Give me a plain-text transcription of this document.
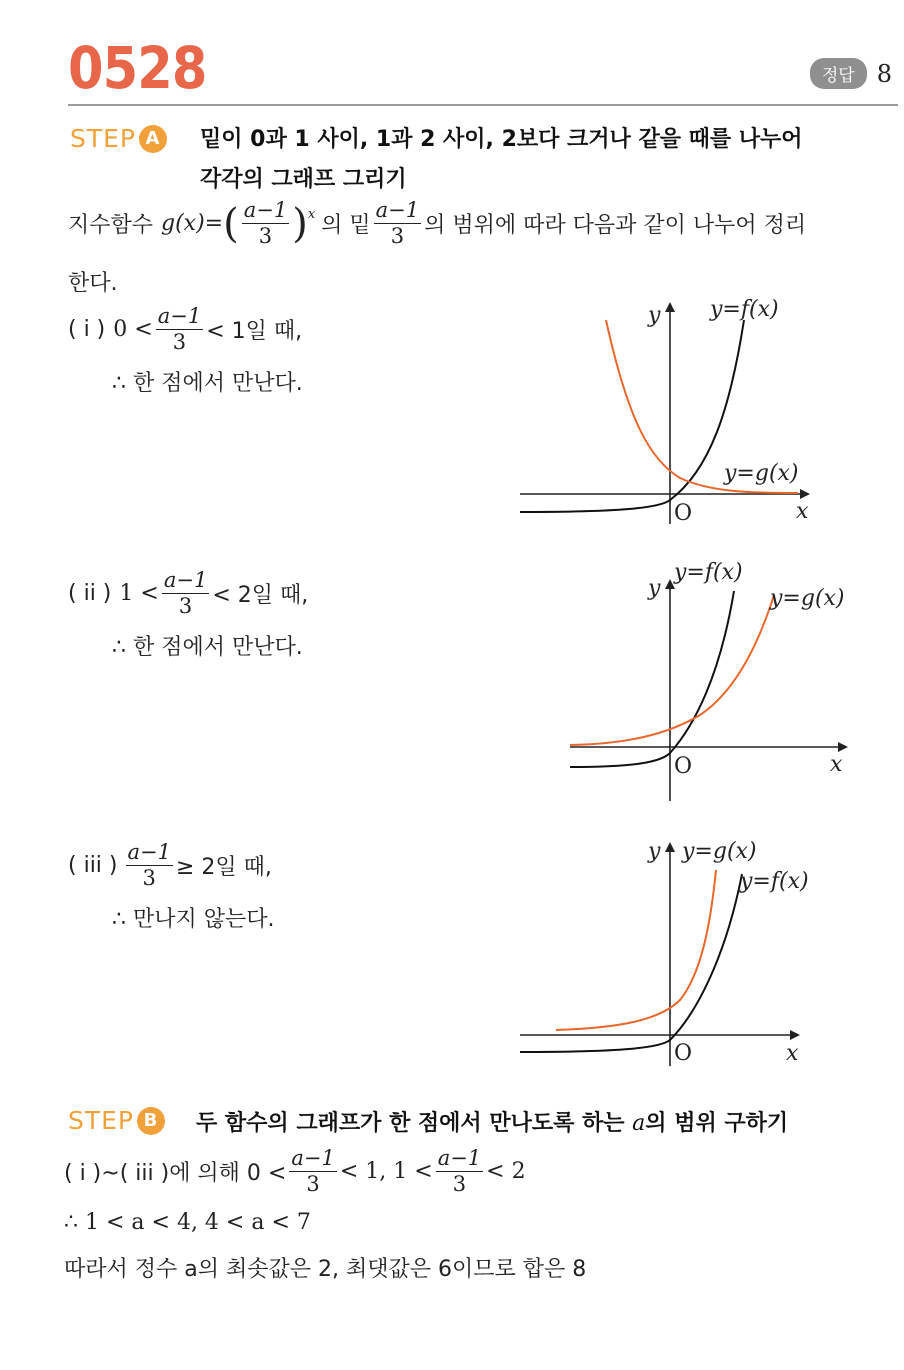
0528	정답 8
STEP A 밑이 0과 1 사이, 1과 2 사이, 2보다 크거나 같을 때를 나누어
각각의 그래프 그리기
지수함수 g(x)= ( $\frac{a-1}{3}$ ) x 의 밑 $\frac{a-1}{3}$ 의 범위에 따라 다음과 같이 나누어 정리
한다.
( i ) $0 < \frac{a-1}{3} < 1$일 때,
∴ 한 점에서 만난다.
( ii ) $1 < \frac{a-1}{3} < 2$일 때,
∴ 한 점에서 만난다.
( iii ) $\frac{a-1}{3} \ge 2$일 때,
∴ 만나지 않는다.
y
x
O
y=f(x)
y=g(x)
y
x
O
y=f(x)
y=g(x)
y
x
O
y=f(x)
y=g(x)
STEP B	두 함수의 그래프가 한 점에서 만나도록 하는 a의 범위 구하기
( i )~( iii )에 의해 $0 < \frac{a-1}{3} < 1$, $1 < \frac{a-1}{3} < 2$
∴ 1 < a < 4, 4 < a < 7
따라서 정수 a의 최솟값은 2, 최댓값은 6이므로 합은 8
